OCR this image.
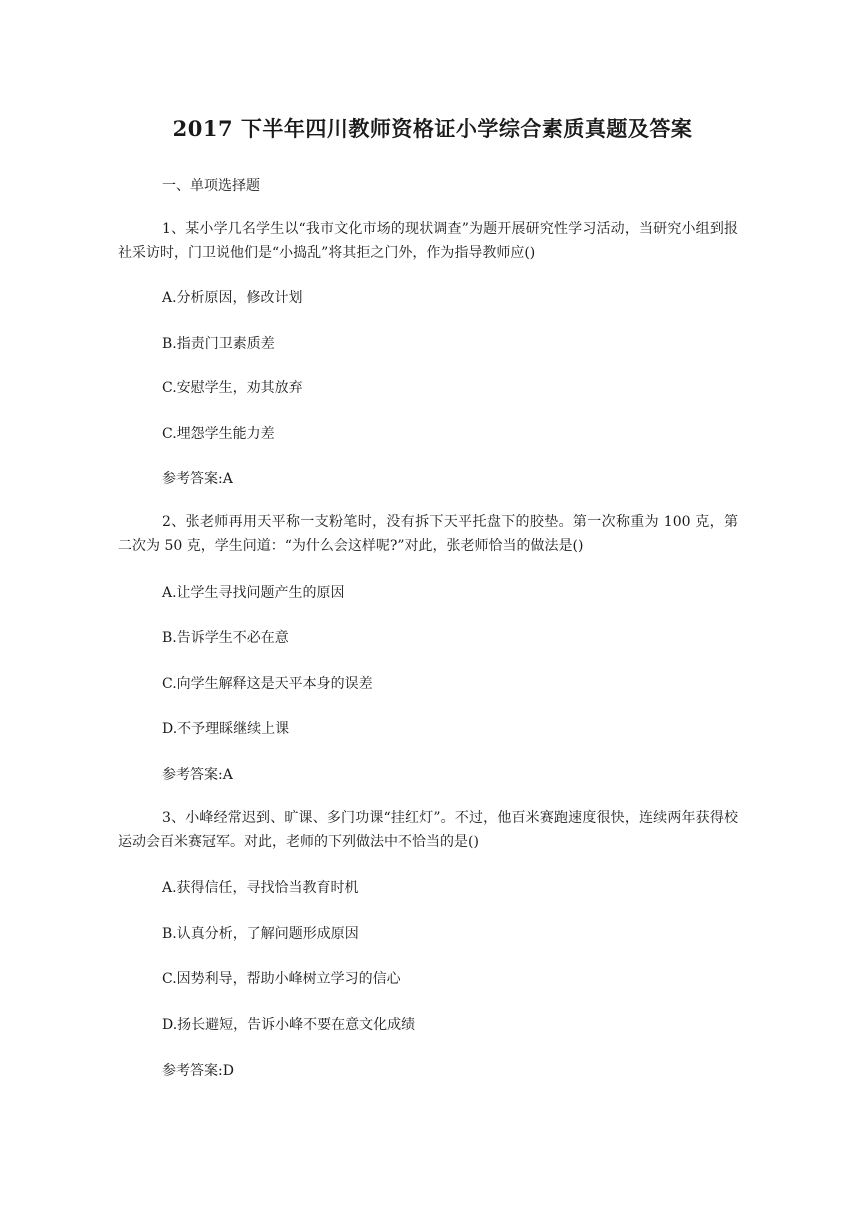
2017 下半年四川教师资格证小学综合素质真题及答案
一、单项选择题
1、某小学几名学生以“我市文化市场的现状调查”为题开展研究性学习活动，当研究小组到报社采访时，门卫说他们是“小捣乱”将其拒之门外，作为指导教师应()
A.分析原因，修改计划
B.指责门卫素质差
C.安慰学生，劝其放弃
C.埋怨学生能力差
参考答案:A
2、张老师再用天平称一支粉笔时，没有拆下天平托盘下的胶垫。第一次称重为 100 克，第二次为 50 克，学生问道：“为什么会这样呢?”对此，张老师恰当的做法是()
A.让学生寻找问题产生的原因
B.告诉学生不必在意
C.向学生解释这是天平本身的误差
D.不予理睬继续上课
参考答案:A
3、小峰经常迟到、旷课、多门功课“挂红灯”。不过，他百米赛跑速度很快，连续两年获得校运动会百米赛冠军。对此，老师的下列做法中不恰当的是()
A.获得信任，寻找恰当教育时机
B.认真分析，了解问题形成原因
C.因势利导，帮助小峰树立学习的信心
D.扬长避短，告诉小峰不要在意文化成绩
参考答案:D
